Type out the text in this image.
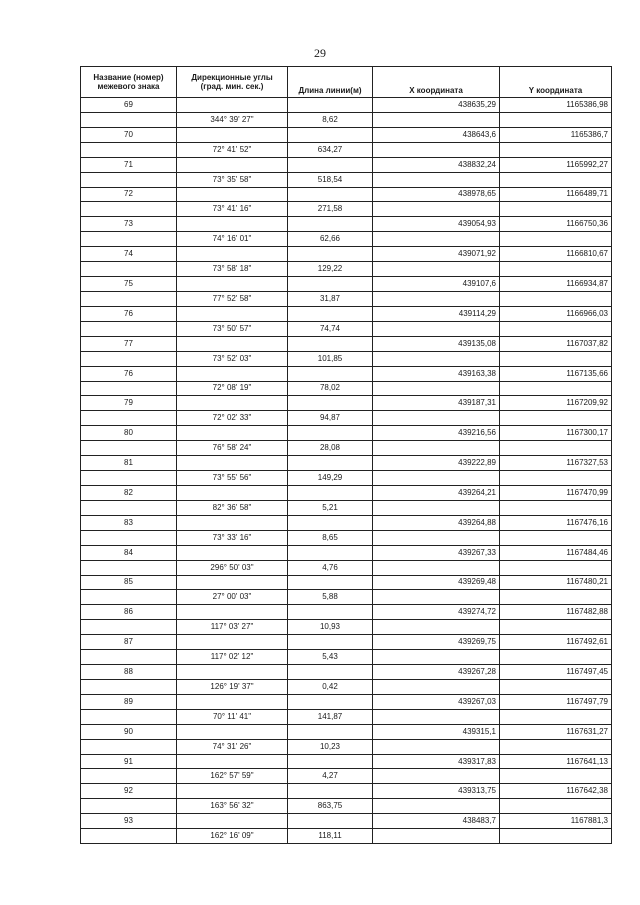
29
Название (номер) межевого знака	Дирекционные углы (град. мин. сек.)	Длина линии(м)	X координата	Y координата
69			438635,29	1165386,98
	344° 39' 27"	8,62		
70			438643,6	1165386,7
	72° 41' 52"	634,27		
71			438832,24	1165992,27
	73° 35' 58"	518,54		
72			438978,65	1166489,71
	73° 41' 16"	271,58		
73			439054,93	1166750,36
	74° 16' 01"	62,66		
74			439071,92	1166810,67
	73° 58' 18"	129,22		
75			439107,6	1166934,87
	77° 52' 58"	31,87		
76			439114,29	1166966,03
	73° 50' 57"	74,74		
77			439135,08	1167037,82
	73° 52' 03"	101,85		
76			439163,38	1167135,66
	72° 08' 19"	78,02		
79			439187,31	1167209,92
	72° 02' 33"	94,87		
80			439216,56	1167300,17
	76° 58' 24"	28,08		
81			439222,89	1167327,53
	73° 55' 56"	149,29		
82			439264,21	1167470,99
	82° 36' 58"	5,21		
83			439264,88	1167476,16
	73° 33' 16"	8,65		
84			439267,33	1167484,46
	296° 50' 03"	4,76		
85			439269,48	1167480,21
	27° 00' 03"	5,88		
86			439274,72	1167482,88
	117° 03' 27"	10,93		
87			439269,75	1167492,61
	117° 02' 12"	5,43		
88			439267,28	1167497,45
	126° 19' 37"	0,42		
89			439267,03	1167497,79
	70° 11' 41"	141,87		
90			439315,1	1167631,27
	74° 31' 26"	10,23		
91			439317,83	1167641,13
	162° 57' 59"	4,27		
92			439313,75	1167642,38
	163° 56' 32"	863,75		
93			438483,7	1167881,3
	162° 16' 09"	118,11		
